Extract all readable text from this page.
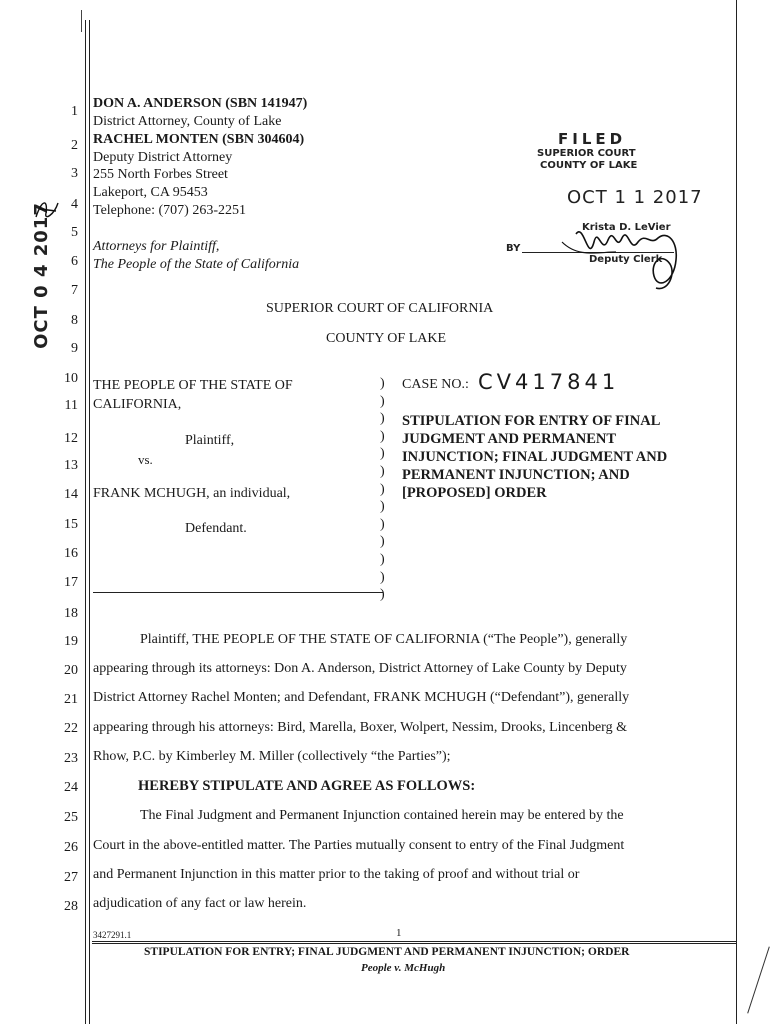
1
2
3
4
5
6
7
8
9
10
11
12
13
14
15
16
17
18
19
20
21
22
23
24
25
26
27
28
DON A. ANDERSON (SBN 141947)
District Attorney, County of Lake
RACHEL MONTEN (SBN 304604)
Deputy District Attorney
255 North Forbes Street
Lakeport, CA 95453
Telephone: (707) 263-2251
Attorneys for Plaintiff,
The People of the State of California
FILED
SUPERIOR COURT
COUNTY OF LAKE
OCT 1 1 2017
Krista D. LeVier
BY
Deputy Clerk
OCT 0 4 2017	SUPERIOR COURT OF CALIFORNIA
COUNTY OF LAKE
THE PEOPLE OF THE STATE OF
CALIFORNIA,
Plaintiff,
vs.
FRANK MCHUGH, an individual,
Defendant.
)
)
)
)
)
)
)
)
)
)
)
)
)
CASE NO.: CV417841
STIPULATION FOR ENTRY OF FINAL
JUDGMENT AND PERMANENT
INJUNCTION; FINAL JUDGMENT AND
PERMANENT INJUNCTION; AND
[PROPOSED] ORDER
Plaintiff, THE PEOPLE OF THE STATE OF CALIFORNIA (“The People”), generally
appearing through its attorneys: Don A. Anderson, District Attorney of Lake County by Deputy
District Attorney Rachel Monten; and Defendant, FRANK MCHUGH (“Defendant”), generally
appearing through his attorneys: Bird, Marella, Boxer, Wolpert, Nessim, Drooks, Lincenberg &
Rhow, P.C. by Kimberley M. Miller (collectively “the Parties”);
HEREBY STIPULATE AND AGREE AS FOLLOWS:
The Final Judgment and Permanent Injunction contained herein may be entered by the
Court in the above-entitled matter. The Parties mutually consent to entry of the Final Judgment
and Permanent Injunction in this matter prior to the taking of proof and without trial or
adjudication of any fact or law herein.
3427291.1	1
STIPULATION FOR ENTRY; FINAL JUDGMENT AND PERMANENT INJUNCTION; ORDER
People v. McHugh
